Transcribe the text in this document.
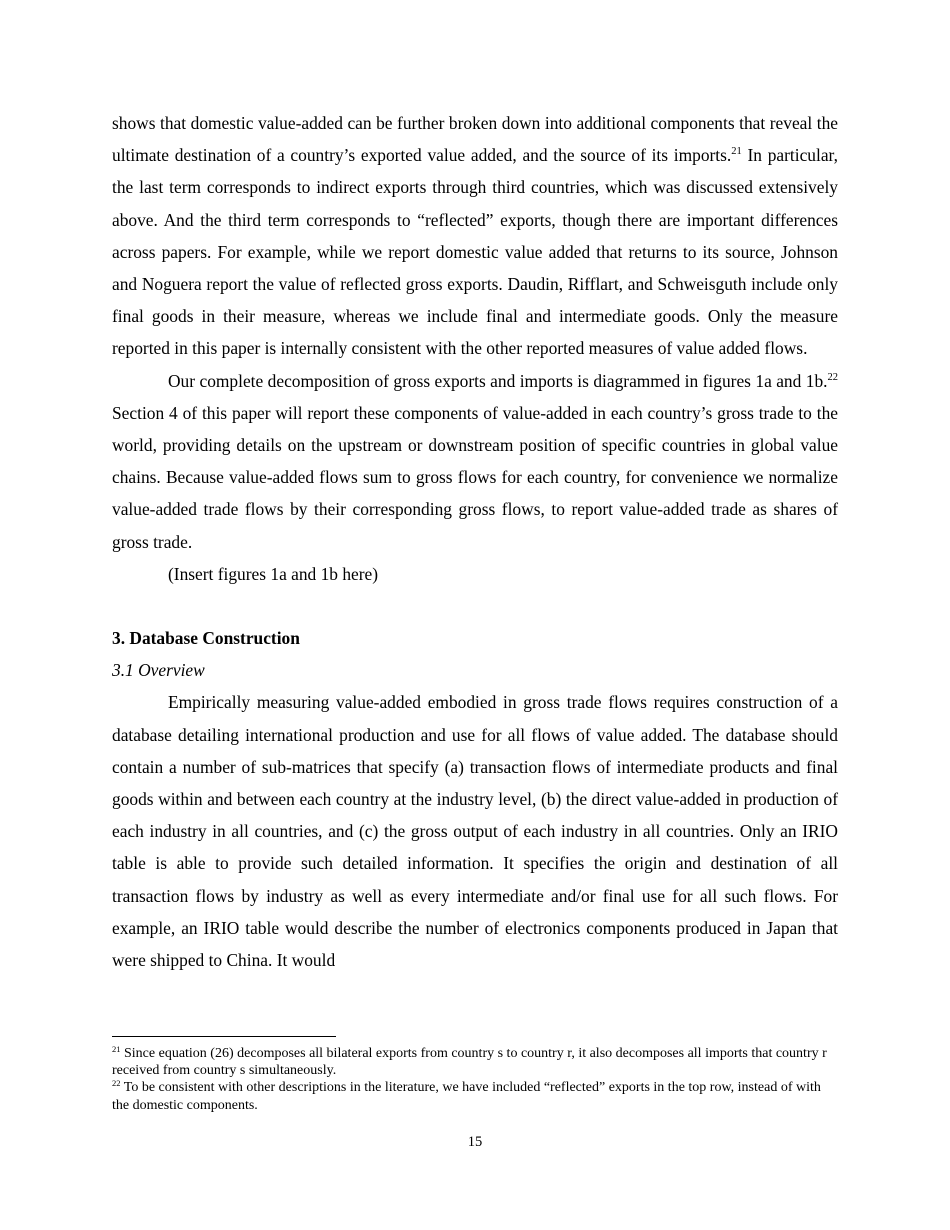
shows that domestic value-added can be further broken down into additional components that reveal the ultimate destination of a country’s exported value added, and the source of its imports.$^{21}$ In particular, the last term corresponds to indirect exports through third countries, which was discussed extensively above. And the third term corresponds to “reflected” exports, though there are important differences across papers. For example, while we report domestic value added that returns to its source, Johnson and Noguera report the value of reflected gross exports. Daudin, Rifflart, and Schweisguth include only final goods in their measure, whereas we include final and intermediate goods. Only the measure reported in this paper is internally consistent with the other reported measures of value added flows.

Our complete decomposition of gross exports and imports is diagrammed in figures 1a and 1b.$^{22}$ Section 4 of this paper will report these components of value-added in each country’s gross trade to the world, providing details on the upstream or downstream position of specific countries in global value chains. Because value-added flows sum to gross flows for each country, for convenience we normalize value-added trade flows by their corresponding gross flows, to report value-added trade as shares of gross trade.

(Insert figures 1a and 1b here)

3. Database Construction

3.1 Overview

Empirically measuring value-added embodied in gross trade flows requires construction of a database detailing international production and use for all flows of value added. The database should contain a number of sub-matrices that specify (a) transaction flows of intermediate products and final goods within and between each country at the industry level, (b) the direct value-added in production of each industry in all countries, and (c) the gross output of each industry in all countries. Only an IRIO table is able to provide such detailed information. It specifies the origin and destination of all transaction flows by industry as well as every intermediate and/or final use for all such flows. For example, an IRIO table would describe the number of electronics components produced in Japan that were shipped to China. It would

$^{21}$ Since equation (26) decomposes all bilateral exports from country s to country r, it also decomposes all imports that country r received from country s simultaneously.

$^{22}$ To be consistent with other descriptions in the literature, we have included “reflected” exports in the top row, instead of with the domestic components.

15
